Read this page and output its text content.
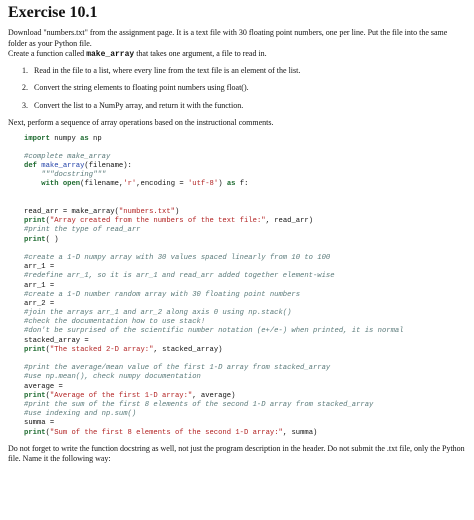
Exercise 10.1

Download "numbers.txt" from the assignment page. It is a text file with 30 floating point numbers, one per line. Put the file into the same folder as your Python file.

Create a function called make_array that takes one argument, a file to read in.

1. Read in the file to a list, where every line from the text file is an element of the list.
2. Convert the string elements to floating point numbers using float().
3. Convert the list to a NumPy array, and return it with the function.

Next, perform a sequence of array operations based on the instructional comments.

import numpy as np

#complete make_array
def make_array(filename):
"""docstring"""
with open(filename,'r',encoding = 'utf-8') as f:

read_arr = make_array("numbers.txt")
print("Array created from the numbers of the text file:", read_arr)
#print the type of read_arr
print( )

#create a 1-D numpy array with 30 values spaced linearly from 10 to 100
arr_1 =
#redefine arr_1, so it is arr_1 and read_arr added together element-wise
arr_1 =
#create a 1-D number random array with 30 floating point numbers
arr_2 =
#join the arrays arr_1 and arr_2 along axis 0 using np.stack()
#check the documentation how to use stack!
#don't be surprised of the scientific number notation (e+/e-) when printed, it is normal
stacked_array =
print("The stacked 2-D array:", stacked_array)

#print the average/mean value of the first 1-D array from stacked_array
#use np.mean(), check numpy documentation
average =
print("Average of the first 1-D array:", average)
#print the sum of the first 8 elements of the second 1-D array from stacked_array
#use indexing and np.sum()
summa =
print("Sum of the first 8 elements of the second 1-D array:", summa)

Do not forget to write the function docstring as well, not just the program description in the header. Do not submit the .txt file, only the Python file. Name it the following way:
